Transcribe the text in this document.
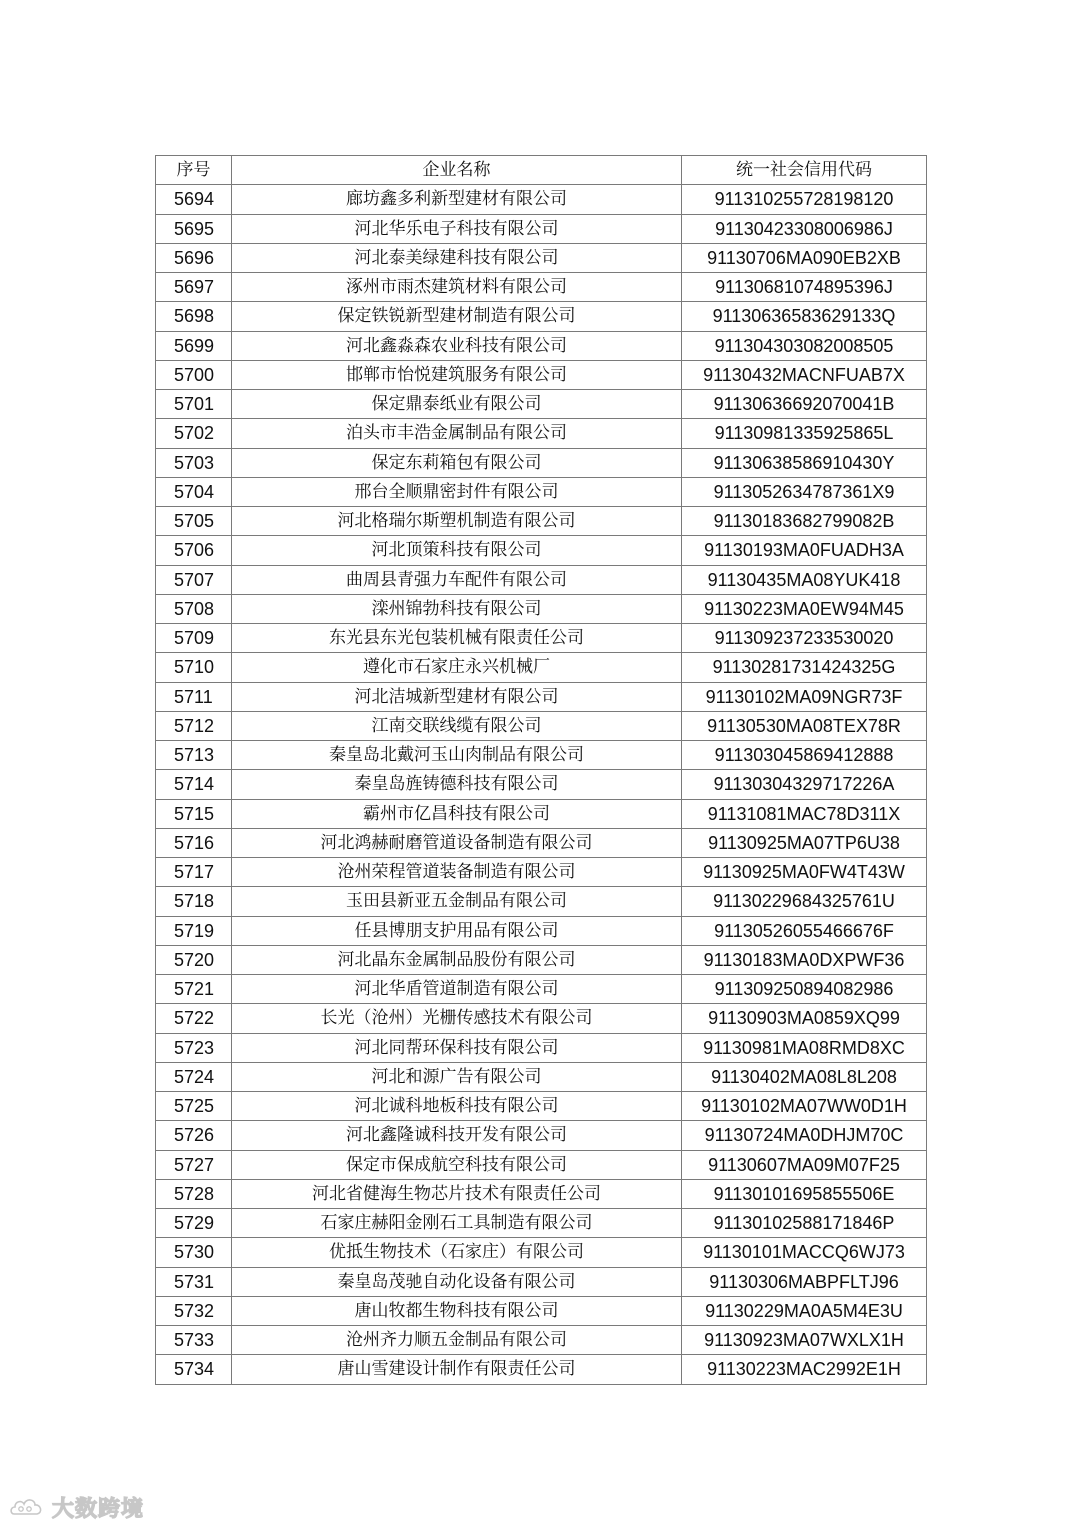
序号	企业名称	统一社会信用代码
5694	廊坊鑫多利新型建材有限公司	911310255728198120
5695	河北华乐电子科技有限公司	91130423308006986J
5696	河北泰美绿建科技有限公司	91130706MA090EB2XB
5697	涿州市雨杰建筑材料有限公司	91130681074895396J
5698	保定铁锐新型建材制造有限公司	91130636583629133Q
5699	河北鑫淼森农业科技有限公司	911304303082008505
5700	邯郸市怡悦建筑服务有限公司	91130432MACNFUAB7X
5701	保定鼎泰纸业有限公司	91130636692070041B
5702	泊头市丰浩金属制品有限公司	91130981335925865L
5703	保定东莉箱包有限公司	91130638586910430Y
5704	邢台全顺鼎密封件有限公司	9113052634787361X9
5705	河北格瑞尔斯塑机制造有限公司	91130183682799082B
5706	河北顶策科技有限公司	91130193MA0FUADH3A
5707	曲周县青强力车配件有限公司	91130435MA08YUK418
5708	滦州锦勃科技有限公司	91130223MA0EW94M45
5709	东光县东光包装机械有限责任公司	911309237233530020
5710	遵化市石家庄永兴机械厂	91130281731424325G
5711	河北洁城新型建材有限公司	91130102MA09NGR73F
5712	江南交联线缆有限公司	91130530MA08TEX78R
5713	秦皇岛北戴河玉山肉制品有限公司	911303045869412888
5714	秦皇岛旌铸德科技有限公司	91130304329717226A
5715	霸州市亿昌科技有限公司	91131081MAC78D311X
5716	河北鸿赫耐磨管道设备制造有限公司	91130925MA07TP6U38
5717	沧州荣程管道装备制造有限公司	91130925MA0FW4T43W
5718	玉田县新亚五金制品有限公司	91130229684325761U
5719	任县博朋支护用品有限公司	91130526055466676F
5720	河北晶东金属制品股份有限公司	91130183MA0DXPWF36
5721	河北华盾管道制造有限公司	911309250894082986
5722	长光（沧州）光栅传感技术有限公司	91130903MA0859XQ99
5723	河北同帮环保科技有限公司	91130981MA08RMD8XC
5724	河北和源广告有限公司	91130402MA08L8L208
5725	河北诚科地板科技有限公司	91130102MA07WW0D1H
5726	河北鑫隆诚科技开发有限公司	91130724MA0DHJM70C
5727	保定市保成航空科技有限公司	91130607MA09M07F25
5728	河北省健海生物芯片技术有限责任公司	91130101695855506E
5729	石家庄赫阳金刚石工具制造有限公司	91130102588171846P
5730	优抵生物技术（石家庄）有限公司	91130101MACCQ6WJ73
5731	秦皇岛茂驰自动化设备有限公司	91130306MABPFLTJ96
5732	唐山牧都生物科技有限公司	91130229MA0A5M4E3U
5733	沧州齐力顺五金制品有限公司	91130923MA07WXLX1H
5734	唐山雪建设计制作有限责任公司	91130223MAC2992E1H
大数跨境
